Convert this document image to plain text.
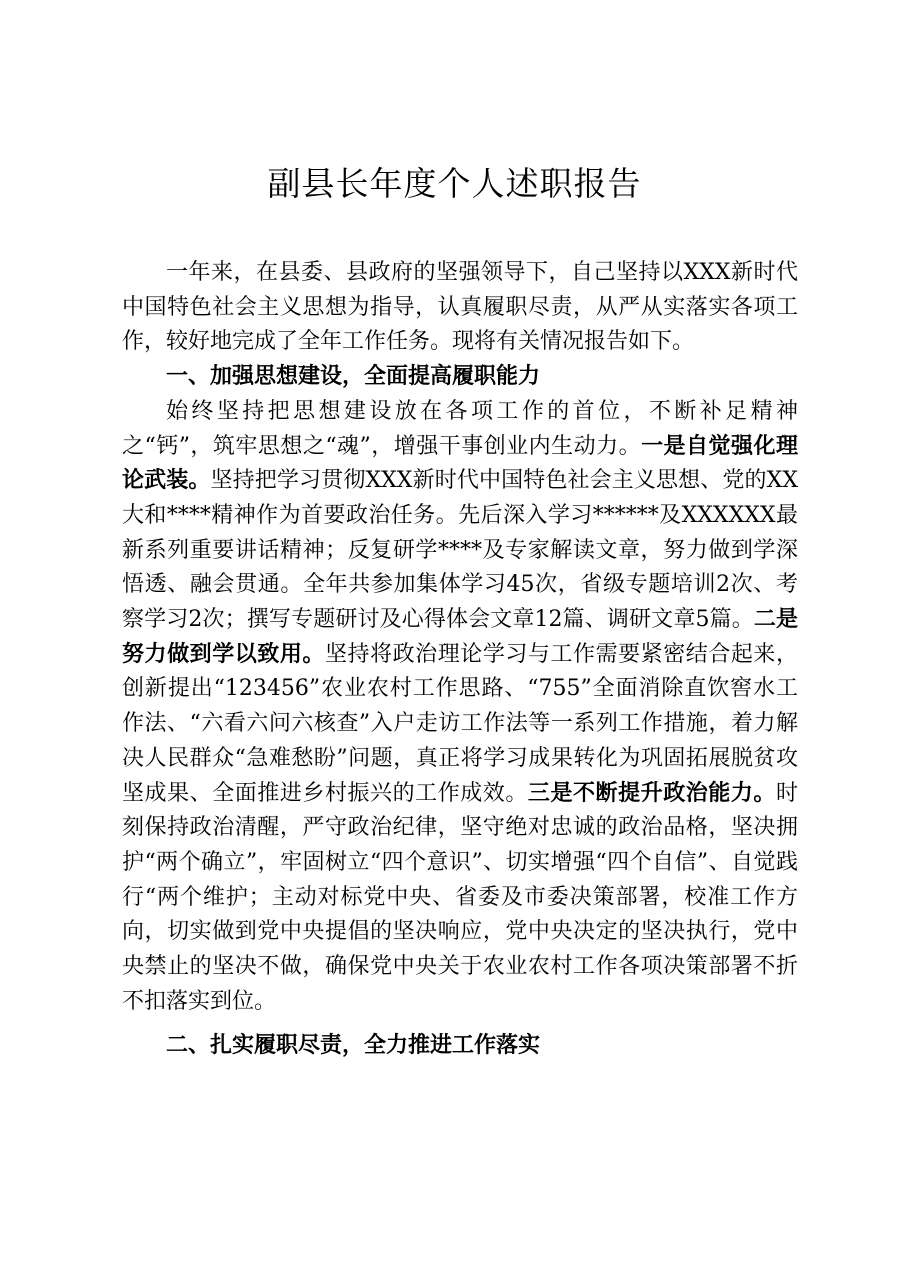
副县长年度个人述职报告

一年来，在县委、县政府的坚强领导下，自己坚持以XXX新时代中国特色社会主义思想为指导，认真履职尽责，从严从实落实各项工作，较好地完成了全年工作任务。现将有关情况报告如下。

一、加强思想建设，全面提高履职能力

始终坚持把思想建设放在各项工作的首位，不断补足精神之“钙”，筑牢思想之“魂”，增强干事创业内生动力。一是自觉强化理论武装。坚持把学习贯彻XXX新时代中国特色社会主义思想、党的XX大和****精神作为首要政治任务。先后深入学习******及XXXXXX最新系列重要讲话精神；反复研学****及专家解读文章，努力做到学深悟透、融会贯通。全年共参加集体学习45次，省级专题培训2次、考察学习2次；撰写专题研讨及心得体会文章12篇、调研文章5篇。二是努力做到学以致用。坚持将政治理论学习与工作需要紧密结合起来，创新提出“123456”农业农村工作思路、“755”全面消除直饮窖水工作法、“六看六问六核查”入户走访工作法等一系列工作措施，着力解决人民群众“急难愁盼”问题，真正将学习成果转化为巩固拓展脱贫攻坚成果、全面推进乡村振兴的工作成效。三是不断提升政治能力。时刻保持政治清醒，严守政治纪律，坚守绝对忠诚的政治品格，坚决拥护“两个确立”，牢固树立“四个意识”、切实增强“四个自信”、自觉践行“两个维护；主动对标党中央、省委及市委决策部署，校准工作方向，切实做到党中央提倡的坚决响应，党中央决定的坚决执行，党中央禁止的坚决不做，确保党中央关于农业农村工作各项决策部署不折不扣落实到位。

二、扎实履职尽责，全力推进工作落实
